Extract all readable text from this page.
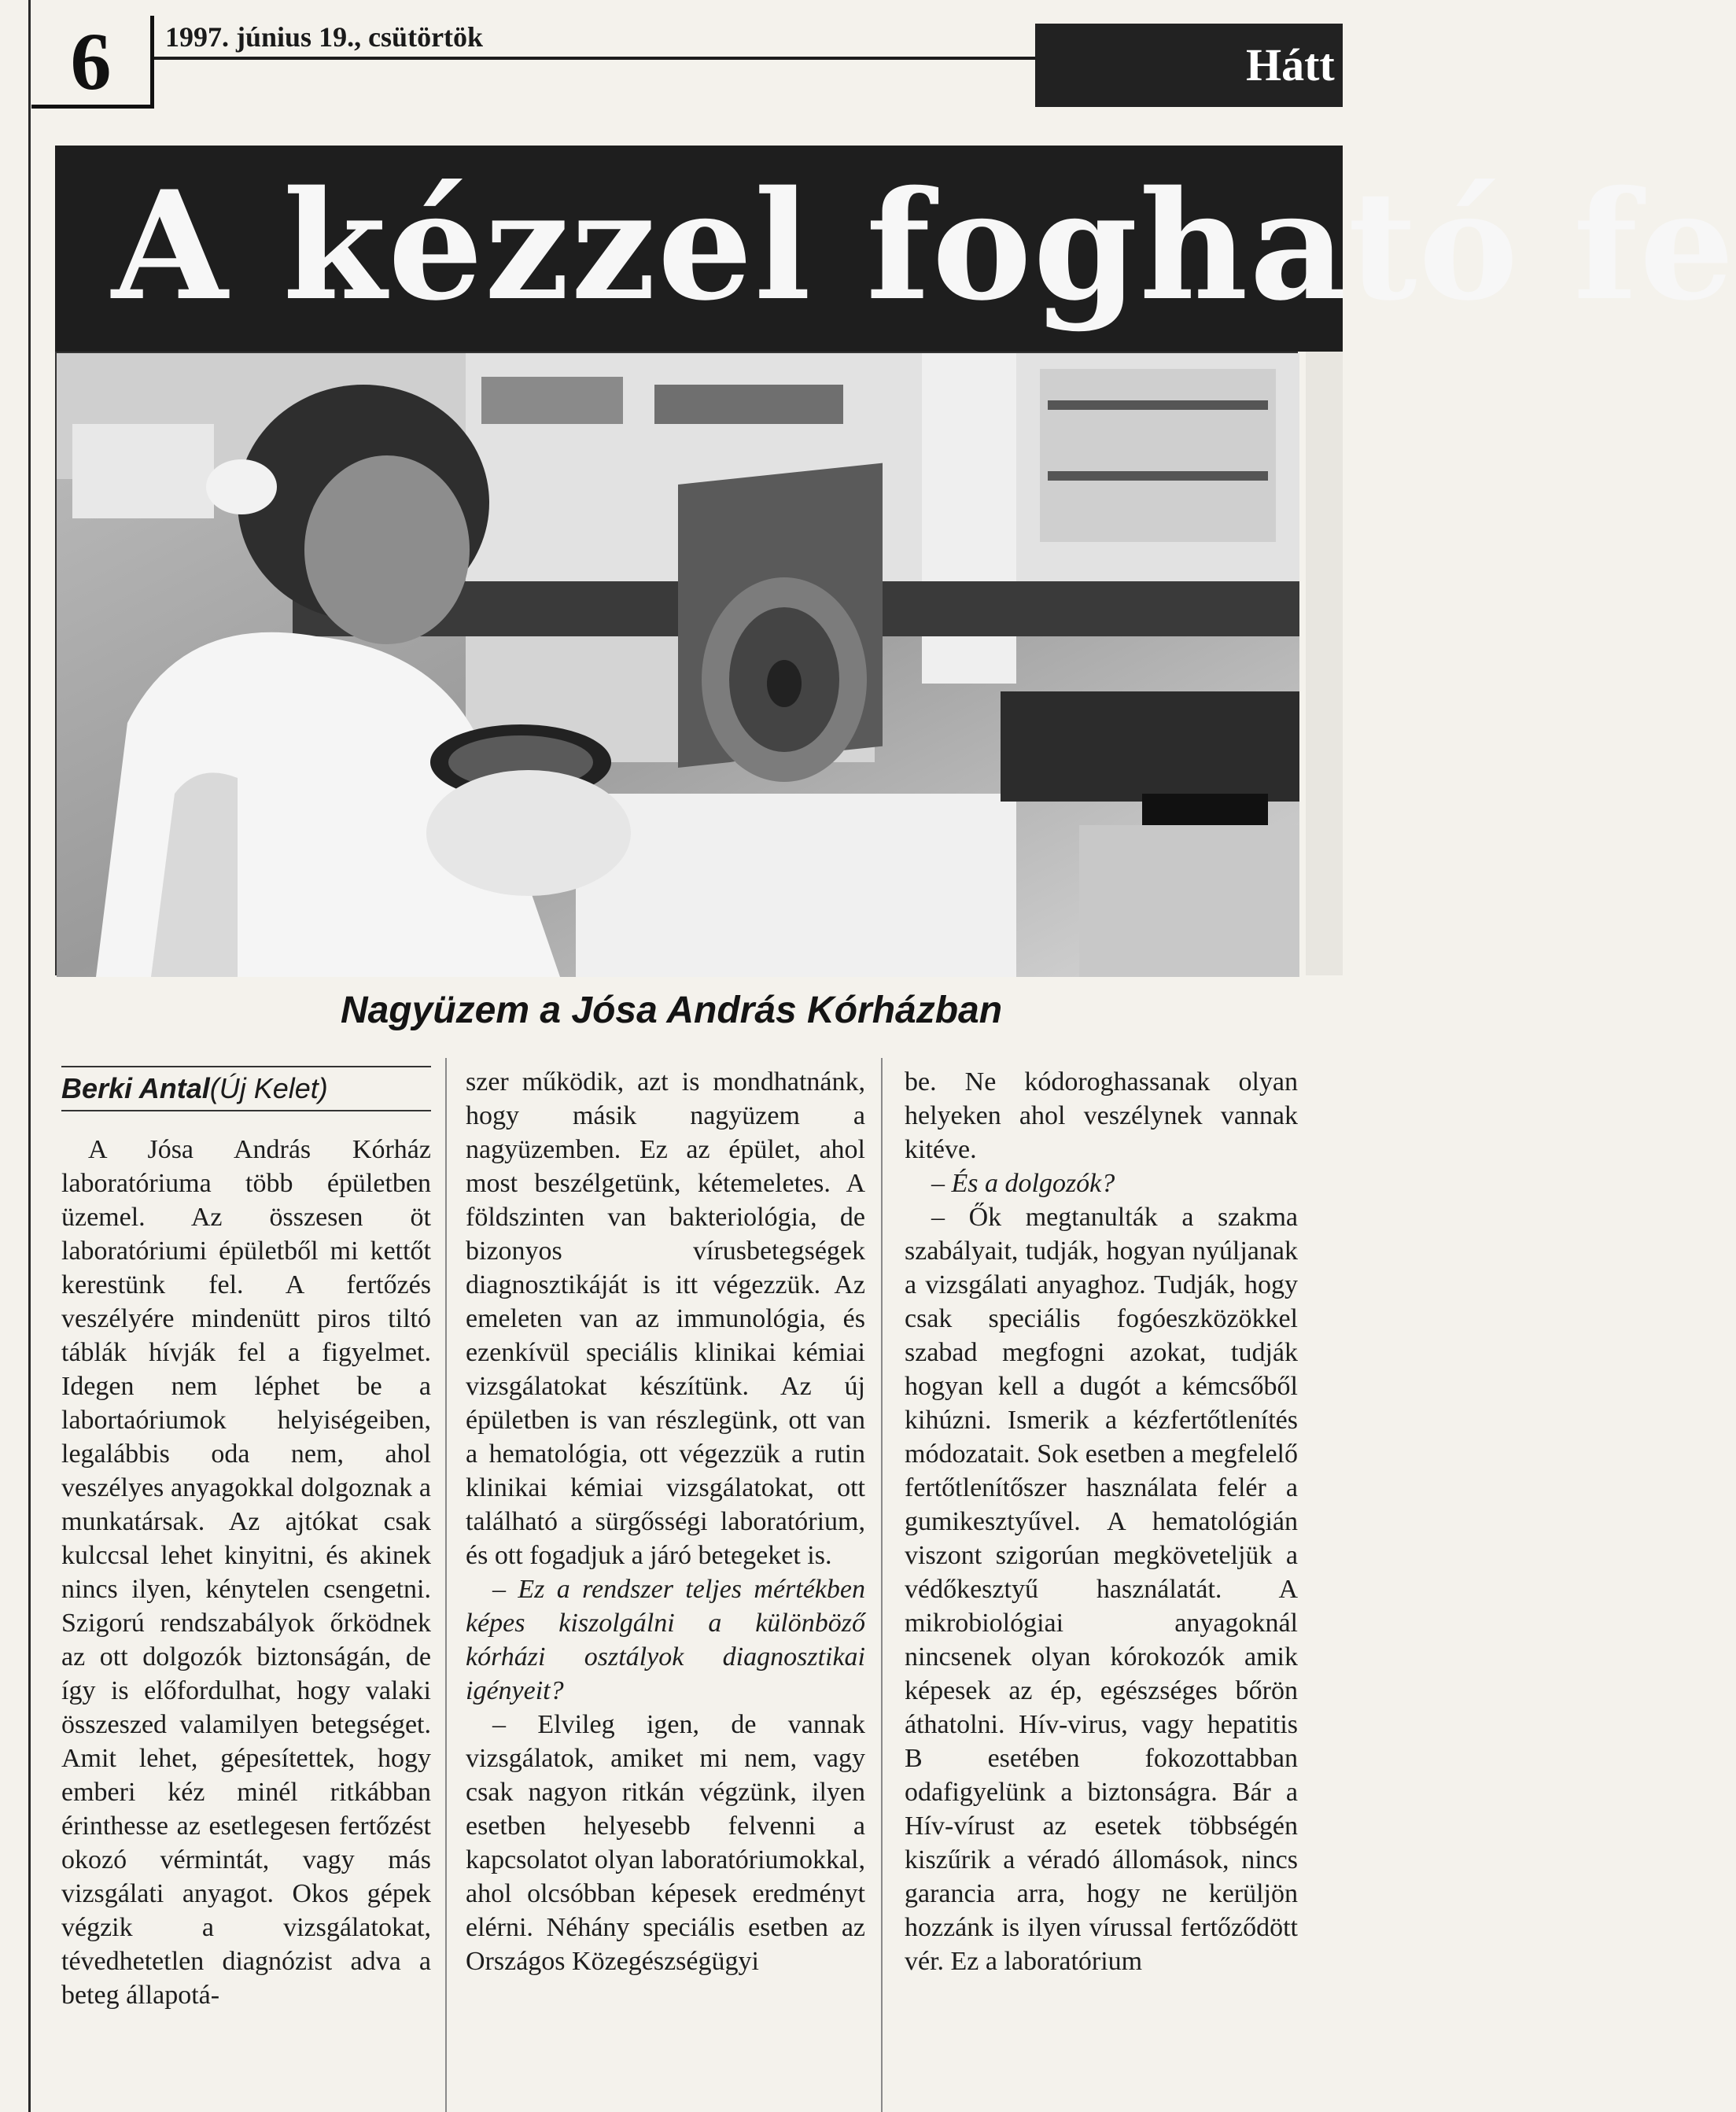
6	1997. június 19., csütörtök
Hátt
A kézzel fogható fe
Nagyüzem a Jósa András Kórházban
Berki Antal(Új Kelet)

A Jósa András Kórház laboratóriuma több épületben üzemel. Az összesen öt laboratóriumi épületből mi kettőt kerestünk fel. A fertőzés veszélyére mindenütt piros tiltó táblák hívják fel a figyelmet. Idegen nem léphet be a labortaóriumok helyiségeiben, legalábbis oda nem, ahol veszélyes anyagokkal dolgoznak a munkatársak. Az ajtókat csak kulccsal lehet kinyitni, és akinek nincs ilyen, kénytelen csengetni. Szigorú rendszabályok őrködnek az ott dolgozók biztonságán, de így is előfordulhat, hogy valaki összeszed valamilyen betegséget. Amit lehet, gépesítettek, hogy emberi kéz minél ritkábban érinthesse az esetlegesen fertőzést okozó vérmintát, vagy más vizsgálati anyagot. Okos gépek végzik a vizsgálatokat, tévedhetetlen diagnózist adva a beteg állapotá-

szer működik, azt is mondhatnánk, hogy másik nagyüzem a nagyüzemben. Ez az épület, ahol most beszélgetünk, kétemeletes. A földszinten van bakteriológia, de bizonyos vírusbetegségek diagnosztikáját is itt végezzük. Az emeleten van az immunológia, és ezenkívül speciális klinikai kémiai vizsgálatokat készítünk. Az új épületben is van részlegünk, ott van a hematológia, ott végezzük a rutin klinikai kémiai vizsgálatokat, ott található a sürgősségi laboratórium, és ott fogadjuk a járó betegeket is.

– Ez a rendszer teljes mértékben képes kiszolgálni a különböző kórházi osztályok diagnosztikai igényeit?

– Elvileg igen, de vannak vizsgálatok, amiket mi nem, vagy csak nagyon ritkán végzünk, ilyen esetben helyesebb felvenni a kapcsolatot olyan laboratóriumokkal, ahol olcsóbban képesek eredményt elérni. Néhány speciális esetben az Országos Közegészségügyi

be. Ne kódoroghassanak olyan helyeken ahol veszélynek vannak kitéve.

– És a dolgozók?

– Ők megtanulták a szakma szabályait, tudják, hogyan nyúljanak a vizsgálati anyaghoz. Tudják, hogy csak speciális fogóeszközökkel szabad megfogni azokat, tudják hogyan kell a dugót a kémcsőből kihúzni. Ismerik a kézfertőtlenítés módozatait. Sok esetben a megfelelő fertőtlenítőszer használata felér a gumikesztyűvel. A hematológián viszont szigorúan megköveteljük a védőkesztyű használatát. A mikrobiológiai anyagoknál nincsenek olyan kórokozók amik képesek az ép, egészséges bőrön áthatolni. Hív-virus, vagy hepatitis B esetében fokozottabban odafigyelünk a biztonságra. Bár a Hív-vírust az esetek többségén kiszűrik a véradó állomások, nincs garancia arra, hogy ne kerüljön hozzánk is ilyen vírussal fertőződött vér. Ez a laboratórium
